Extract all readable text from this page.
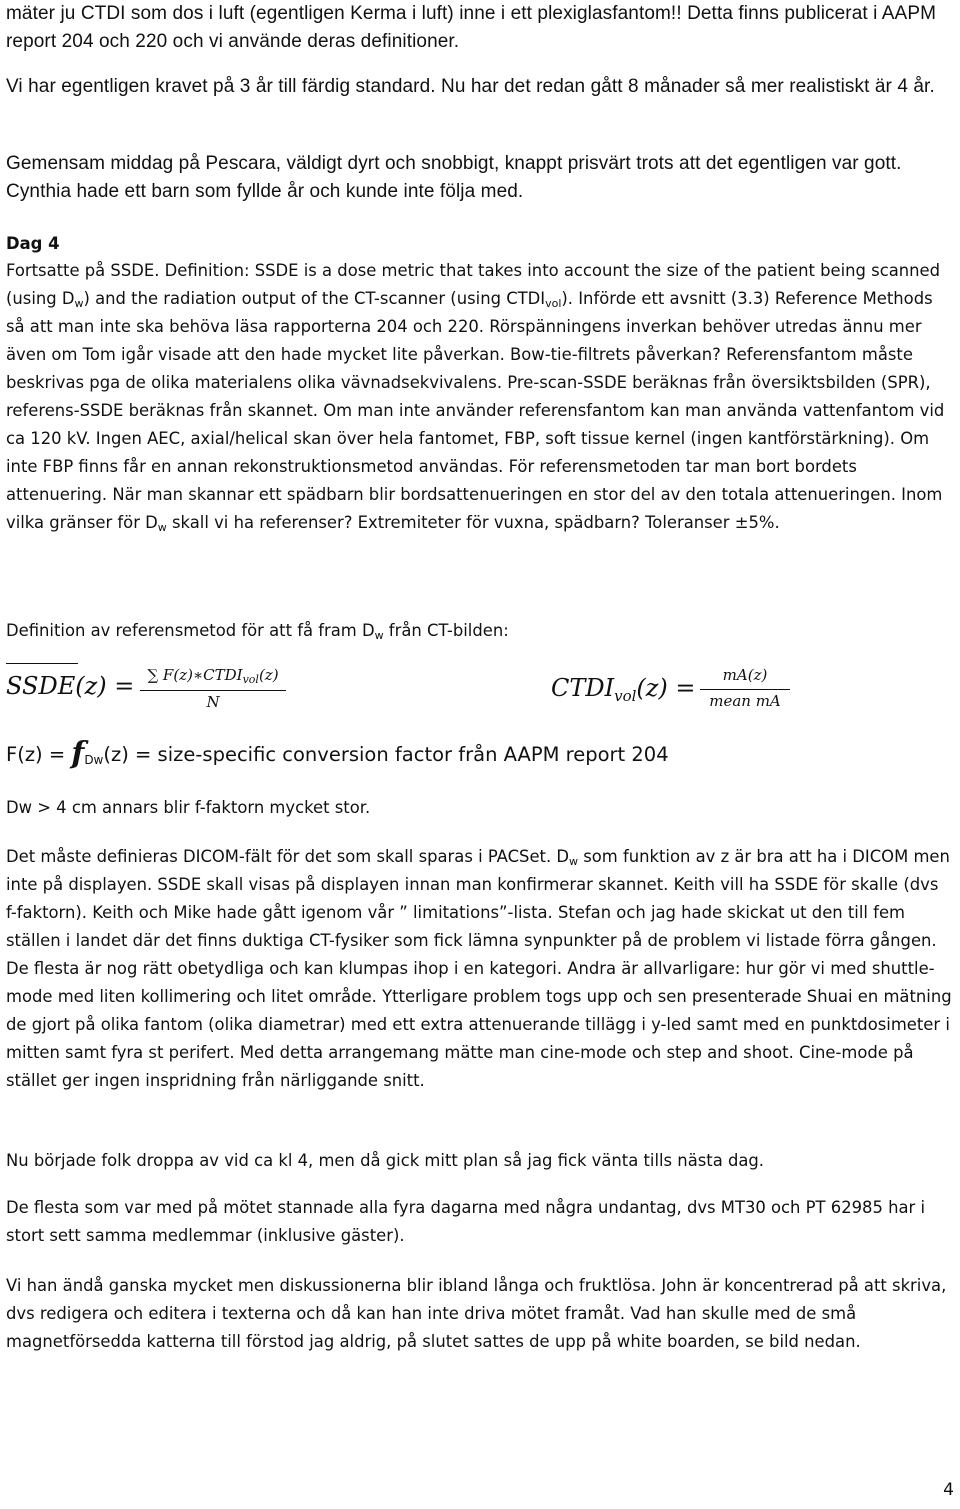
mäter ju CTDI som dos i luft (egentligen Kerma i luft) inne i ett plexiglasfantom!! Detta finns publicerat i AAPM report 204 och 220 och vi använde deras definitioner.

Vi har egentligen kravet på 3 år till färdig standard. Nu har det redan gått 8 månader så mer realistiskt är 4 år.

Gemensam middag på Pescara, väldigt dyrt och snobbigt, knappt prisvärt trots att det egentligen var gott. Cynthia hade ett barn som fyllde år och kunde inte följa med.

Dag 4

Fortsatte på SSDE. Definition: SSDE is a dose metric that takes into account the size of the patient being scanned (using $D_w$) and the radiation output of the CT-scanner (using $CTDI_{vol}$). Införde ett avsnitt (3.3) Reference Methods så att man inte ska behöva läsa rapporterna 204 och 220. Rörspänningens inverkan behöver utredas ännu mer även om Tom igår visade att den hade mycket lite påverkan. Bow-tie-filtrets påverkan? Referensfantom måste beskrivas pga de olika materialens olika vävnadsekvivalens. Pre-scan-SSDE beräknas från översiktsbilden (SPR), referens-SSDE beräknas från skannet. Om man inte använder referensfantom kan man använda vattenfantom vid ca 120 kV. Ingen AEC, axial/helical skan över hela fantomet, FBP, soft tissue kernel (ingen kantförstärkning). Om inte FBP finns får en annan rekonstruktionsmetod användas. För referensmetoden tar man bort bordets attenuering. När man skannar ett spädbarn blir bordsattenueringen en stor del av den totala attenueringen. Inom vilka gränser för $D_w$ skall vi ha referenser? Extremiteter för vuxna, spädbarn? Toleranser ±5%.

Definition av referensmetod för att få fram $D_w$ från CT-bilden:

SSDE(z) = ∑ $F(z)∗CTDI_{vol}(z)$
N	$CTDI_{vol}(z)$ =	mA(z)
mean mA

$F(z) = f_{Dw}(z)$ = size-specific conversion factor från AAPM report 204

Dw > 4 cm annars blir f-faktorn mycket stor.

Det måste definieras DICOM-fält för det som skall sparas i PACSet. $D_w$ som funktion av z är bra att ha i DICOM men inte på displayen. SSDE skall visas på displayen innan man konfirmerar skannet. Keith vill ha SSDE för skalle (dvs f-faktorn). Keith och Mike hade gått igenom vår ” limitations”-lista. Stefan och jag hade skickat ut den till fem ställen i landet där det finns duktiga CT-fysiker som fick lämna synpunkter på de problem vi listade förra gången. De flesta är nog rätt obetydliga och kan klumpas ihop i en kategori. Andra är allvarligare: hur gör vi med shuttle-mode med liten kollimering och litet område. Ytterligare problem togs upp och sen presenterade Shuai en mätning de gjort på olika fantom (olika diametrar) med ett extra attenuerande tillägg i y-led samt med en punktdosimeter i mitten samt fyra st perifert. Med detta arrangemang mätte man cine-mode och step and shoot. Cine-mode på stället ger ingen inspridning från närliggande snitt.

Nu började folk droppa av vid ca kl 4, men då gick mitt plan så jag fick vänta tills nästa dag.

De flesta som var med på mötet stannade alla fyra dagarna med några undantag, dvs MT30 och PT 62985 har i stort sett samma medlemmar (inklusive gäster).

Vi han ändå ganska mycket men diskussionerna blir ibland långa och fruktlösa. John är koncentrerad på att skriva, dvs redigera och editera i texterna och då kan han inte driva mötet framåt. Vad han skulle med de små magnetförsedda katterna till förstod jag aldrig, på slutet sattes de upp på white boarden, se bild nedan.

4
